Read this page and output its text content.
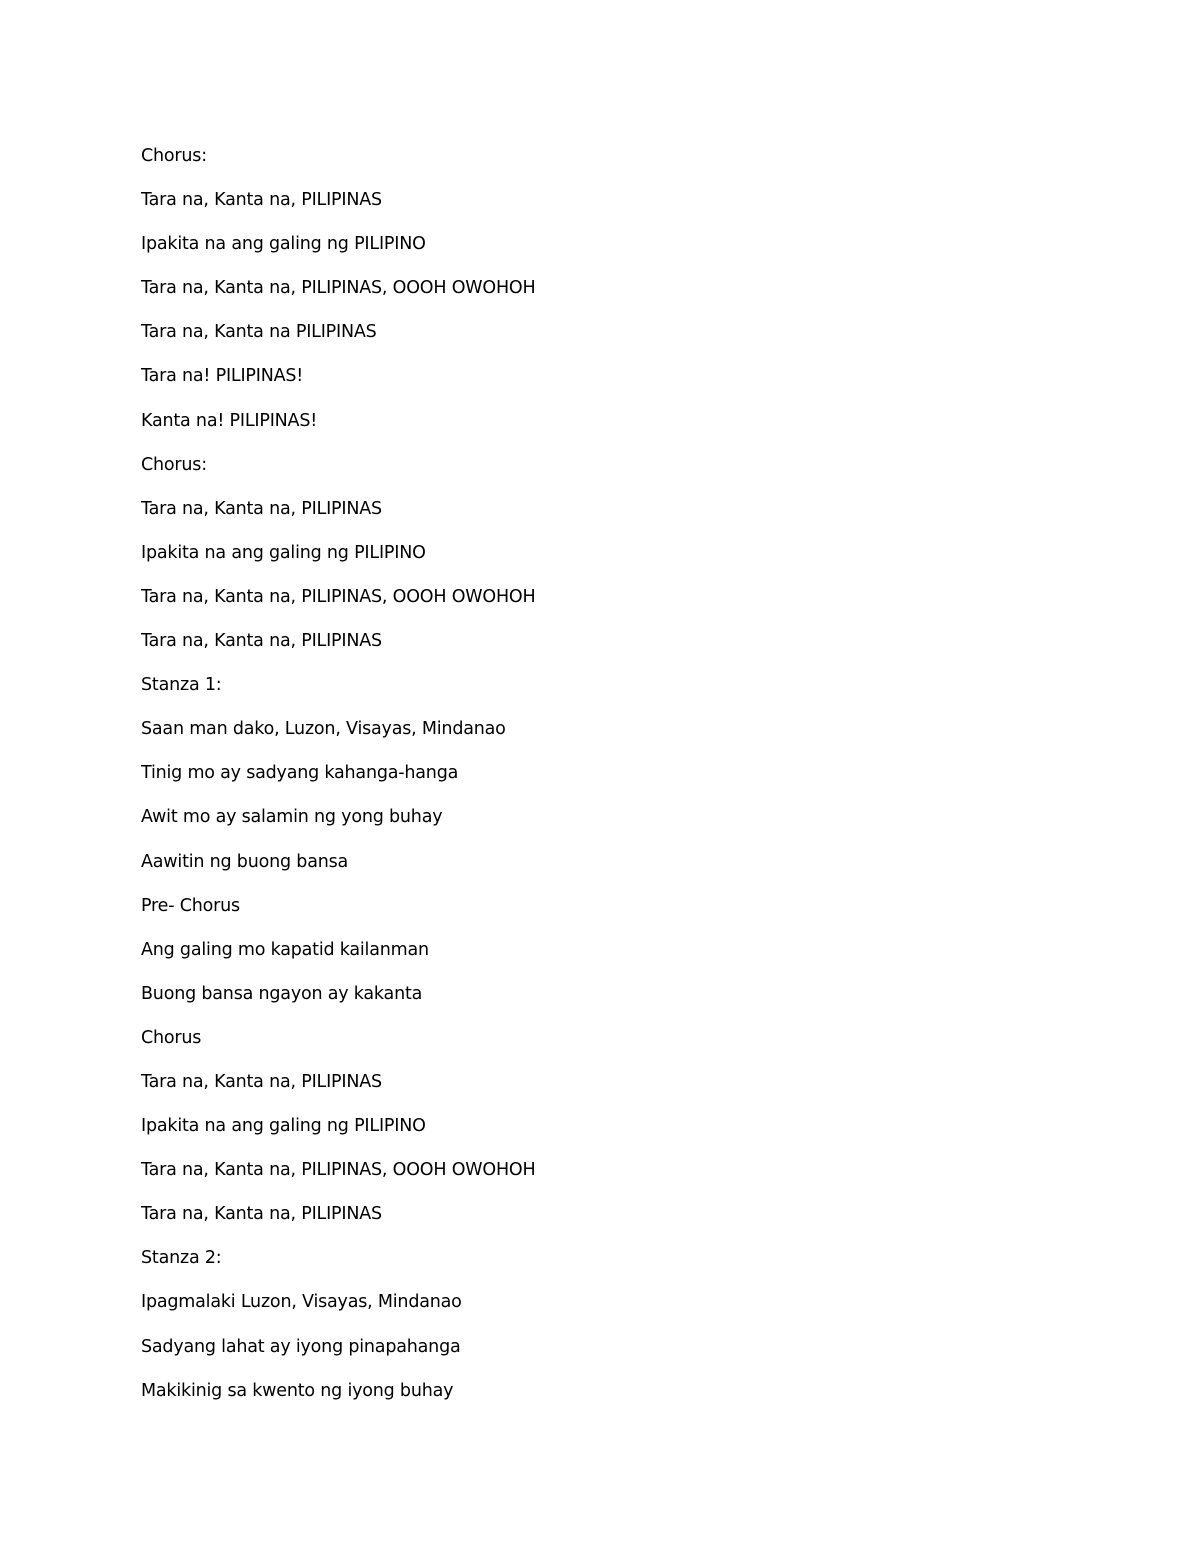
Chorus:
Tara na, Kanta na, PILIPINAS
Ipakita na ang galing ng PILIPINO
Tara na, Kanta na, PILIPINAS, OOOH OWOHOH
Tara na, Kanta na PILIPINAS
Tara na! PILIPINAS!
Kanta na! PILIPINAS!
Chorus:
Tara na, Kanta na, PILIPINAS
Ipakita na ang galing ng PILIPINO
Tara na, Kanta na, PILIPINAS, OOOH OWOHOH
Tara na, Kanta na, PILIPINAS
Stanza 1:
Saan man dako, Luzon, Visayas, Mindanao
Tinig mo ay sadyang kahanga-hanga
Awit mo ay salamin ng yong buhay
Aawitin ng buong bansa
Pre- Chorus
Ang galing mo kapatid kailanman
Buong bansa ngayon ay kakanta
Chorus
Tara na, Kanta na, PILIPINAS
Ipakita na ang galing ng PILIPINO
Tara na, Kanta na, PILIPINAS, OOOH OWOHOH
Tara na, Kanta na, PILIPINAS
Stanza 2:
Ipagmalaki Luzon, Visayas, Mindanao
Sadyang lahat ay iyong pinapahanga
Makikinig sa kwento ng iyong buhay
